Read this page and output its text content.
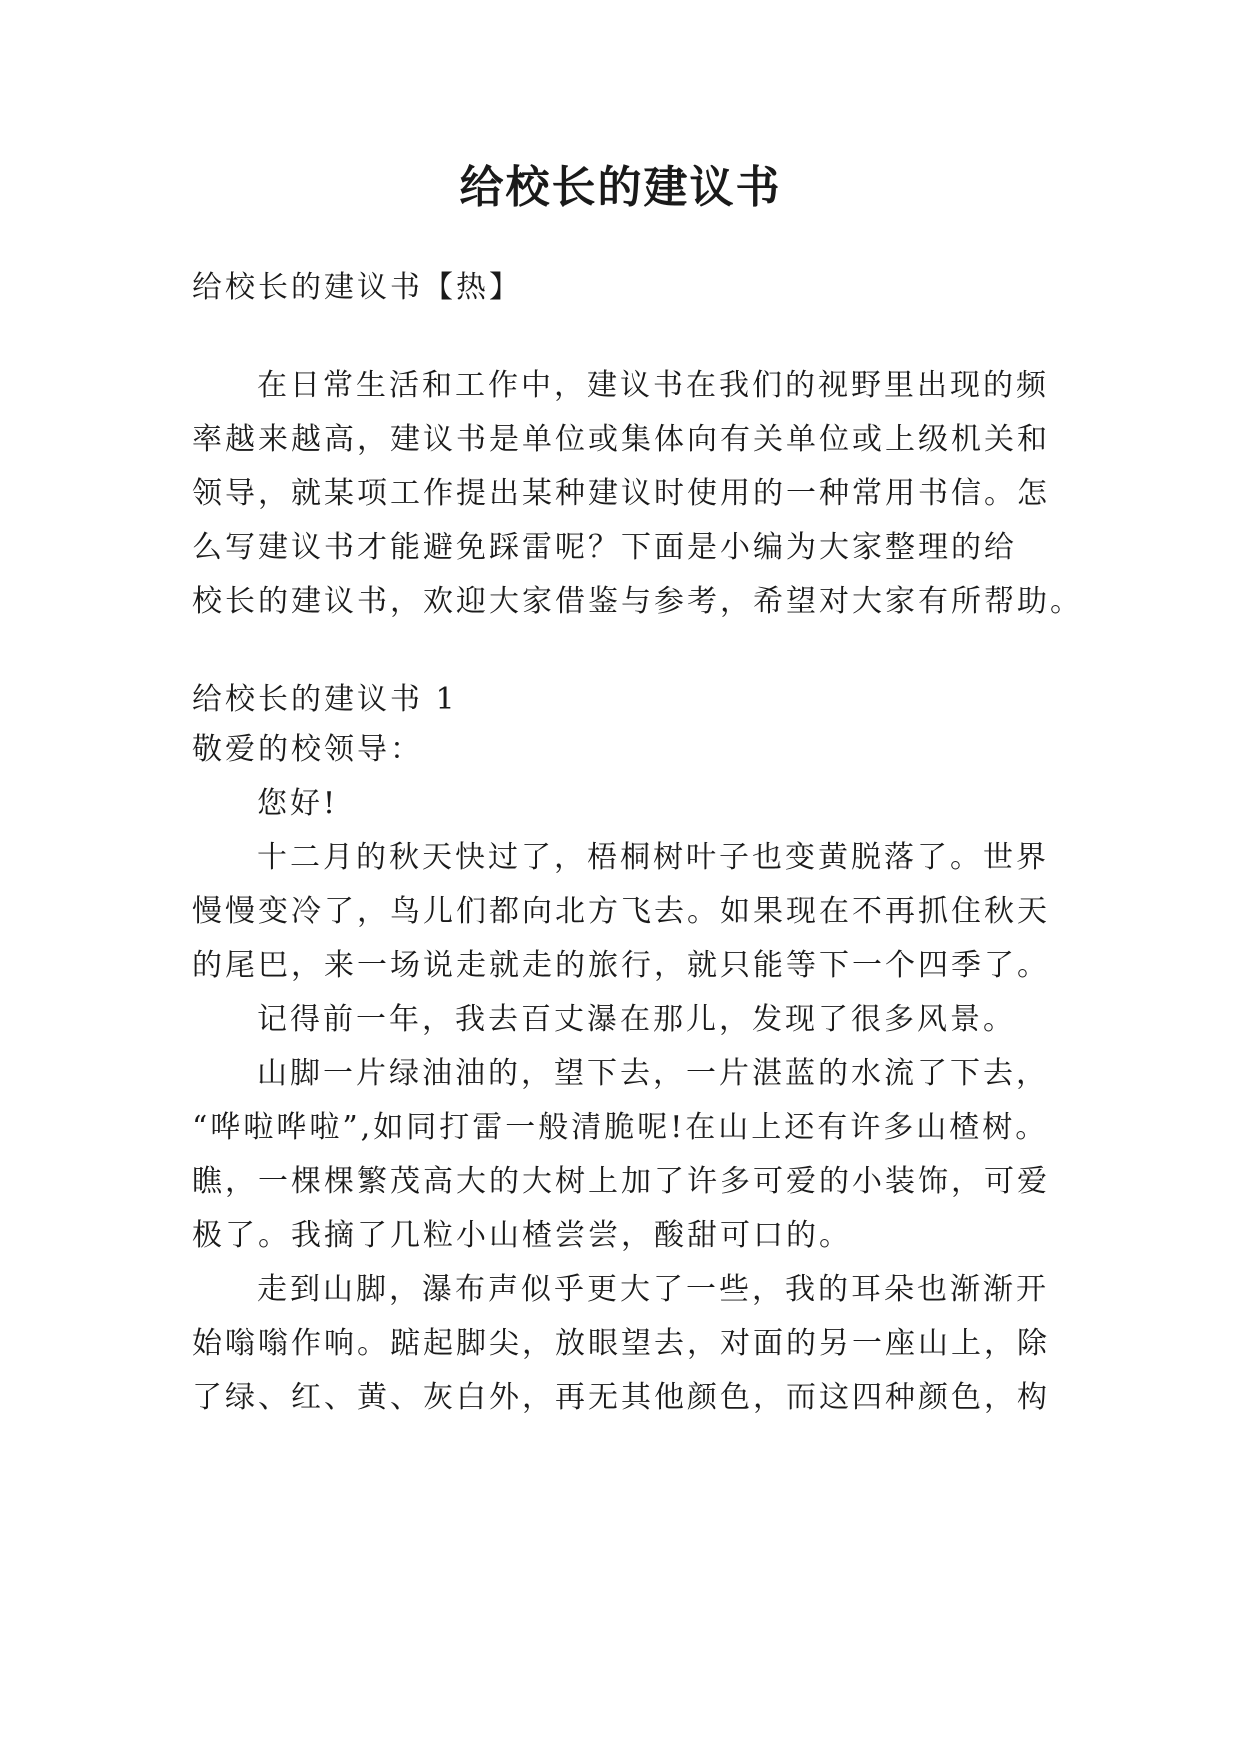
给校长的建议书
给校长的建议书【热】
在日常生活和工作中，建议书在我们的视野里出现的频
率越来越高，建议书是单位或集体向有关单位或上级机关和
领导，就某项工作提出某种建议时使用的一种常用书信。怎
么写建议书才能避免踩雷呢？下面是小编为大家整理的给
校长的建议书，欢迎大家借鉴与参考，希望对大家有所帮助。
给校长的建议书 1
敬爱的校领导：
您好!
十二月的秋天快过了，梧桐树叶子也变黄脱落了。世界
慢慢变冷了，鸟儿们都向北方飞去。如果现在不再抓住秋天
的尾巴，来一场说走就走的旅行，就只能等下一个四季了。
记得前一年，我去百丈瀑在那儿，发现了很多风景。
山脚一片绿油油的，望下去，一片湛蓝的水流了下去，
“哗啦哗啦”,如同打雷一般清脆呢!在山上还有许多山楂树。
瞧，一棵棵繁茂高大的大树上加了许多可爱的小装饰，可爱
极了。我摘了几粒小山楂尝尝，酸甜可口的。
走到山脚，瀑布声似乎更大了一些，我的耳朵也渐渐开
始嗡嗡作响。踮起脚尖，放眼望去，对面的另一座山上，除
了绿、红、黄、灰白外，再无其他颜色，而这四种颜色，构
